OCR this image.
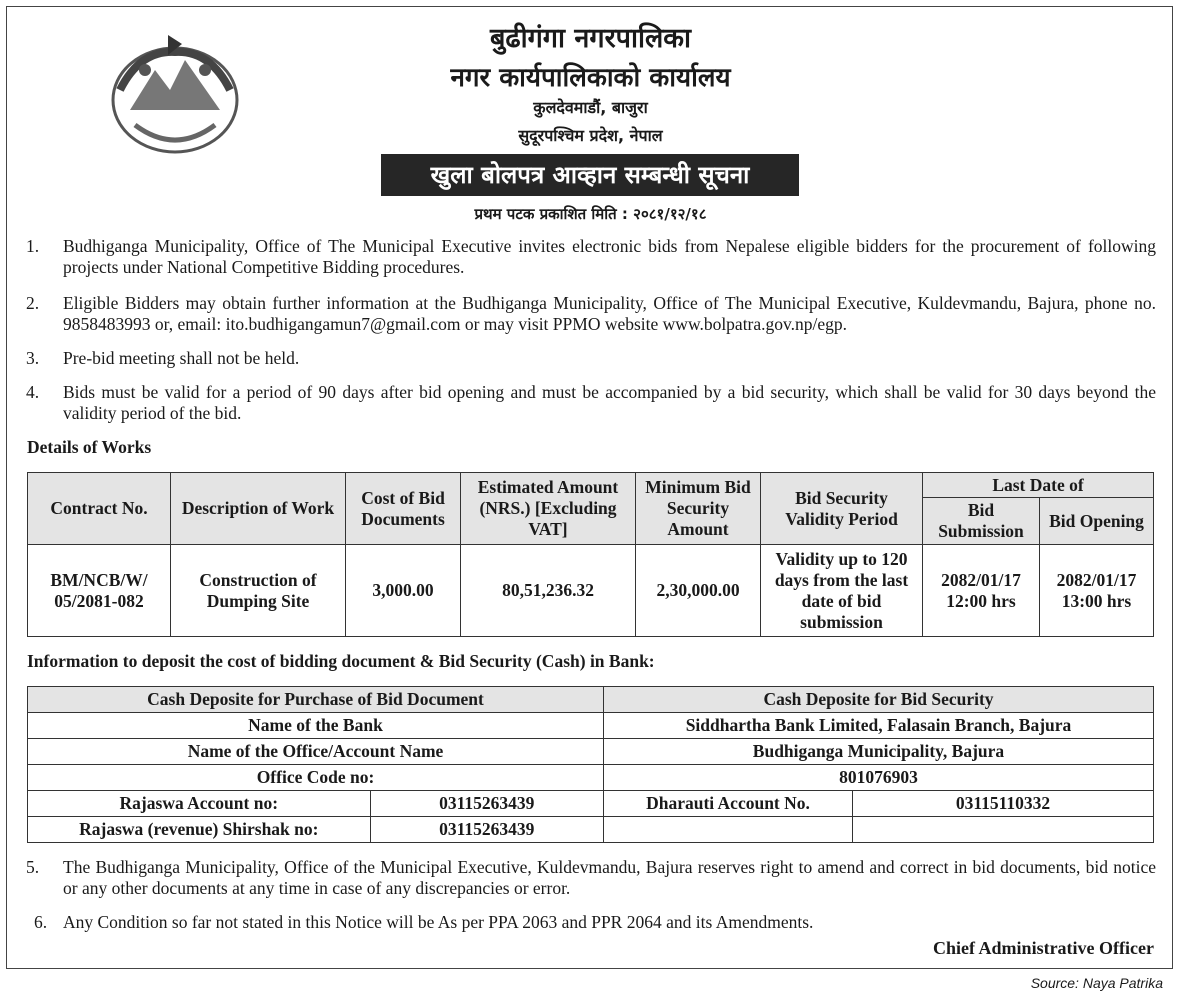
बुढीगंगा नगरपालिका
नगर कार्यपालिकाको कार्यालय
कुलदेवमाडौं, बाजुरा
सुदूरपश्चिम प्रदेश, नेपाल
खुला बोलपत्र आव्हान सम्बन्धी सूचना
प्रथम पटक प्रकाशित मिति : २०८१/१२/१८
1.	Budhiganga Municipality, Office of The Municipal Executive invites electronic bids from Nepalese eligible bidders for the procurement of following projects under National Competitive Bidding procedures.
2.	Eligible Bidders may obtain further information at the Budhiganga Municipality, Office of The Municipal Executive, Kuldevmandu, Bajura, phone no. 9858483993 or, email: ito.budhigangamun7@gmail.com or may visit PPMO website www.bolpatra.gov.np/egp.
3.	Pre-bid meeting shall not be held.
4.	Bids must be valid for a period of 90 days after bid opening and must be accompanied by a bid security, which shall be valid for 30 days beyond the validity period of the bid.
Details of Works
Contract No.	Description of Work	Cost of Bid Documents	Estimated Amount (NRS.) [Excluding VAT]	Minimum Bid Security Amount	Bid Security Validity Period	Last Date of	
						Bid Submission	Bid Opening
BM/NCB/W/ 05/2081-082	Construction of Dumping Site	3,000.00	80,51,236.32	2,30,000.00	Validity up to 120 days from the last date of bid submission	2082/01/17 12:00 hrs	2082/01/17 13:00 hrs
Information to deposit the cost of bidding document & Bid Security (Cash) in Bank:
Cash Deposite for Purchase of Bid Document		Cash Deposite for Bid Security	
Name of the Bank		Siddhartha Bank Limited, Falasain Branch, Bajura	
Name of the Office/Account Name		Budhiganga Municipality, Bajura	
Office Code no:		801076903	
Rajaswa Account no:	03115263439	Dharauti Account No.	03115110332
Rajaswa (revenue) Shirshak no:	03115263439		
5.	The Budhiganga Municipality, Office of the Municipal Executive, Kuldevmandu, Bajura reserves right to amend and correct in bid documents, bid notice or any other documents at any time in case of any discrepancies or error.
6. Any Condition so far not stated in this Notice will be As per PPA 2063 and PPR 2064 and its Amendments.
Chief Administrative Officer
Source: Naya Patrika
